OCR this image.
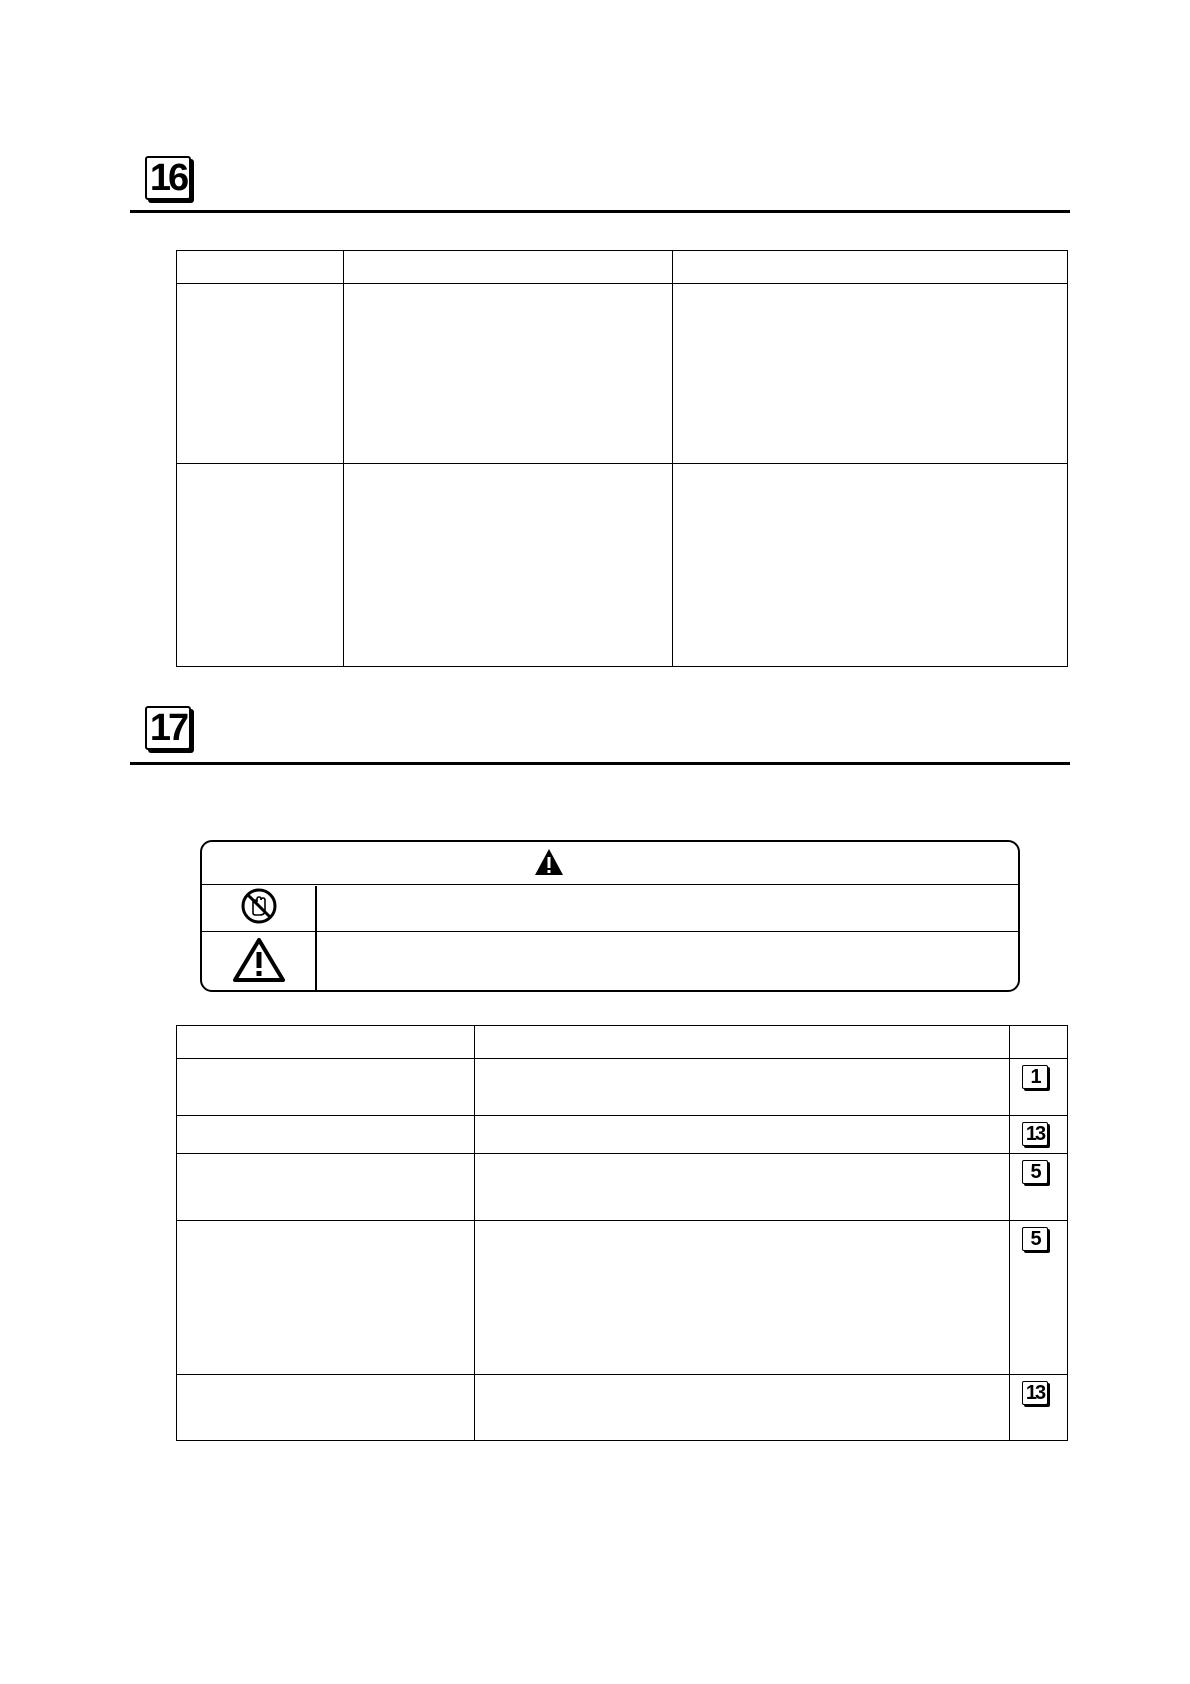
16

17

		1
		13
		5
		5
		13
